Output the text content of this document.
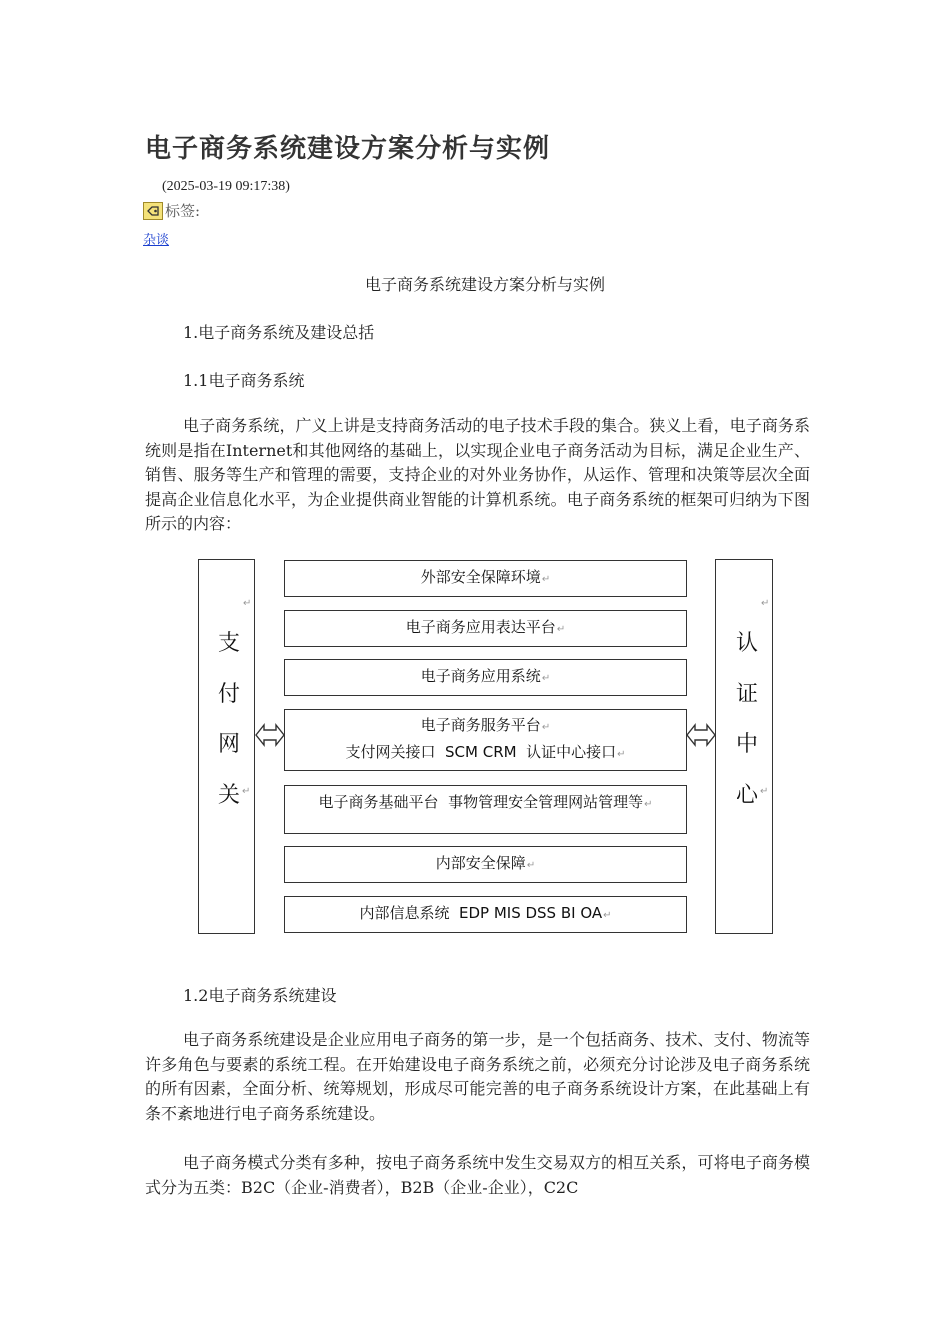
电子商务系统建设方案分析与实例
(2025-03-19 09:17:38)
标签:
杂谈
电子商务系统建设方案分析与实例
1.电子商务系统及建设总括
1.1电子商务系统

电子商务系统，广义上讲是支持商务活动的电子技术手段的集合。狭义上看，电子商务系统则是指在Internet和其他网络的基础上，以实现企业电子商务活动为目标，满足企业生产、销售、服务等生产和管理的需要，支持企业的对外业务协作，从运作、管理和决策等层次全面提高企业信息化水平，为企业提供商业智能的计算机系统。电子商务系统的框架可归纳为下图所示的内容：

↵
支
付
网
关 ↵
↵
认
证
中
心 ↵
外部安全保障环境↵
电子商务应用表达平台↵
电子商务应用系统↵
电子商务服务平台↵
支付网关接口  SCM CRM  认证中心接口↵
电子商务基础平台  事物管理安全管理网站管理等↵
内部安全保障↵
内部信息系统  EDP MIS DSS BI OA↵
1.2电子商务系统建设

电子商务系统建设是企业应用电子商务的第一步，是一个包括商务、技术、支付、物流等许多角色与要素的系统工程。在开始建设电子商务系统之前，必须充分讨论涉及电子商务系统的所有因素，全面分析、统筹规划，形成尽可能完善的电子商务系统设计方案，在此基础上有条不紊地进行电子商务系统建设。

电子商务模式分类有多种，按电子商务系统中发生交易双方的相互关系，可将电子商务模式分为五类：B2C（企业-消费者），B2B（企业-企业），C2C
